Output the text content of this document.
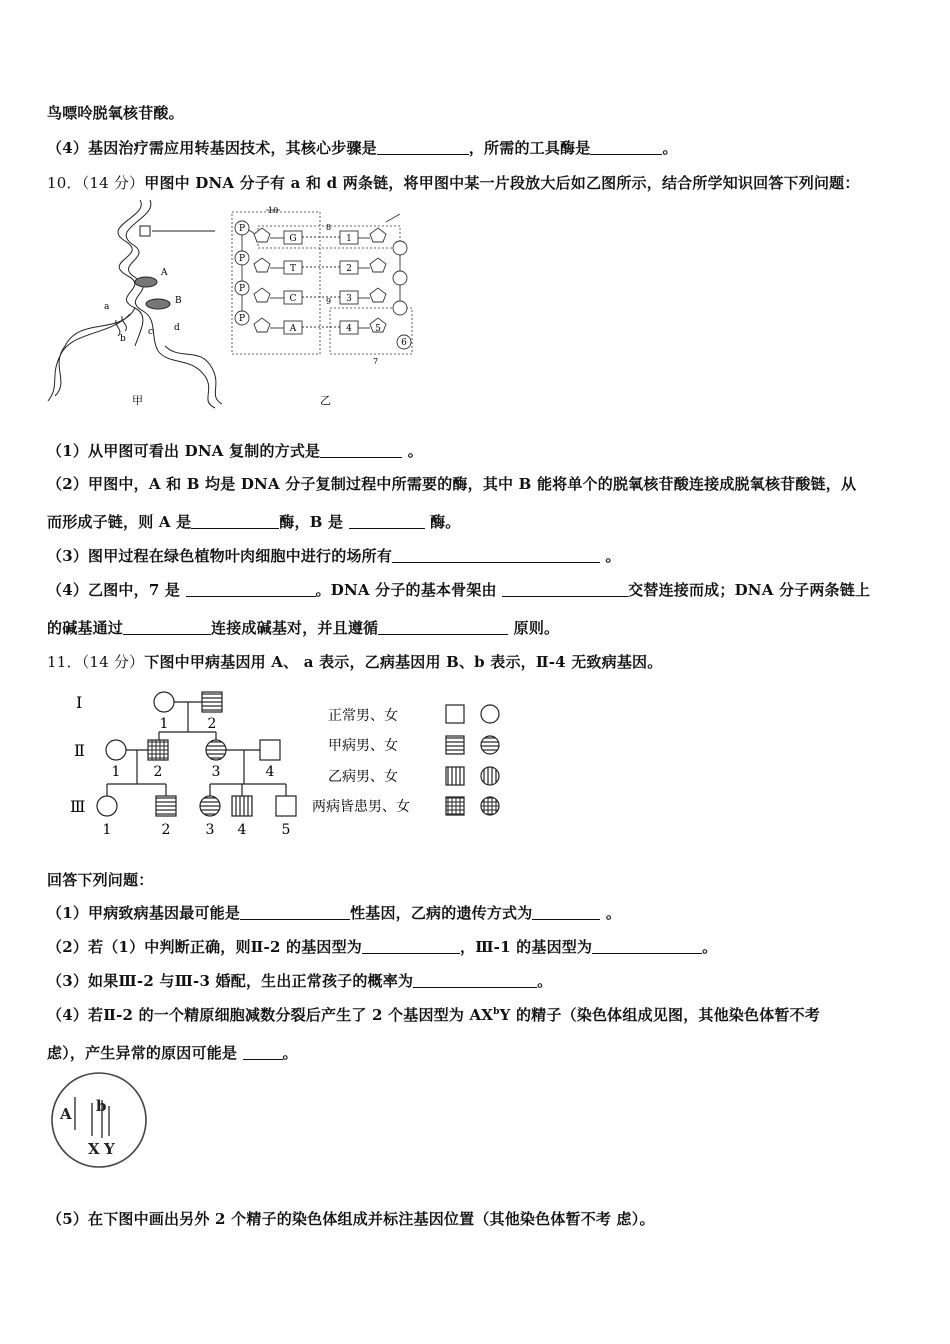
鸟嘌呤脱氧核苷酸。
（4）基因治疗需应用转基因技术，其核心步骤是	，所需的工具酶是	。
10．（14 分）甲图中 DNA 分子有 a 和 d 两条链，将甲图中某一片段放大后如乙图所示，结合所学知识回答下列问题：
A
B
a
b
c d
甲
10
8
9
7
P
P
P
P
G
T
C
A
1
2
3
4	5
6
乙
（1）从甲图可看出 DNA 复制的方式是	。
（2）甲图中，A 和 B 均是 DNA 分子复制过程中所需要的酶，其中 B 能将单个的脱氧核苷酸连接成脱氧核苷酸链，从
而形成子链，则 A 是	酶，B 是	酶。
（3）图甲过程在绿色植物叶肉细胞中进行的场所有	。
（4）乙图中，7 是	。DNA 分子的基本骨架由	交替连接而成；DNA 分子两条链上
的碱基通过	连接成碱基对，并且遵循	原则。
11．（14 分）下图中甲病基因用 A、 a 表示，乙病基因用 B、b 表示，Ⅱ-4 无致病基因。
Ⅰ
Ⅱ
Ⅲ
1	2
1 2	3	4
1	2	3 4	5
正常男、女
甲病男、女
乙病男、女
两病皆患男、女
回答下列问题：
（1）甲病致病基因最可能是	性基因，乙病的遗传方式为	。
（2）若（1）中判断正确，则Ⅱ-2 的基因型为	，Ⅲ-1 的基因型为	。
（3）如果Ⅲ-2 与Ⅲ-3 婚配，生出正常孩子的概率为	。
（4）若Ⅱ-2 的一个精原细胞减数分裂后产生了 2 个基因型为 $AX^bY$ 的精子（染色体组成见图，其他染色体暂不考
虑），产生异常的原因可能是	。
A b
X Y
（5）在下图中画出另外 2 个精子的染色体组成并标注基因位置（其他染色体暂不考 虑）。
